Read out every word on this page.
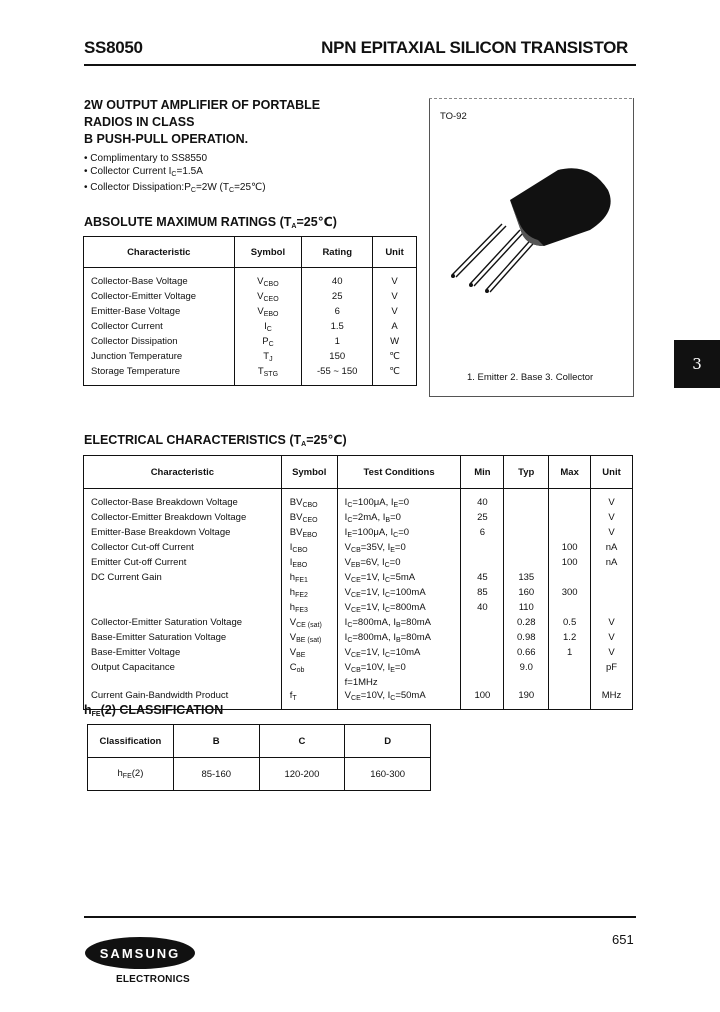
SS8050	NPN EPITAXIAL SILICON TRANSISTOR
2W OUTPUT AMPLIFIER OF PORTABLE
RADIOS IN CLASS
B PUSH-PULL OPERATION.
• Complimentary to SS8550
• Collector Current $I_C=1.5A$
• Collector $Dissipation:P_C=2W$ $(T_C=25℃)$
ABSOLUTE MAXIMUM RATINGS $(T_A=25℃)$
Characteristic	Symbol	Rating	Unit
Collector-Base Voltage	$V_{CBO}$	40	V
Collector-Emitter Voltage	$V_{CEO}$	25	V
Emitter-Base Voltage	$V_{EBO}$	6	V
Collector Current	$I_C$	1.5	A
Collector Dissipation	$P_C$	1	W
Junction Temperature	$T_J$	150	℃
Storage Temperature	$T_{STG}$	-55 ~ 150	℃
TO-92
1. Emitter 2. Base 3. Collector
3
ELECTRICAL CHARACTERISTICS $(T_A=25℃)$
Characteristic	Symbol	Test Conditions	Min	Typ	Max	Unit
Collector-Base Breakdown Voltage	$BV_{CBO}$	$I_C=100\mu A$, $I_E=0$	40			V
Collector-Emitter Breakdown Voltage	$BV_{CEO}$	$I_C=2mA$, $I_B=0$	25			V
Emitter-Base Breakdown Voltage	$BV_{EBO}$	$I_E=100\mu A$, $I_C=0$	6			V
Collector Cut-off Current	$I_{CBO}$	$V_{CB}=35V$, $I_E=0$			100	nA
Emitter Cut-off Current	$I_{EBO}$	$V_{EB}=6V$, $I_C=0$			100	nA
DC Current Gain	$h_{FE1}$	$V_{CE}=1V$, $I_C=5mA$	45	135		
	$h_{FE2}$	$V_{CE}=1V$, $I_C=100mA$	85	160	300	
	$h_{FE3}$	$V_{CE}=1V$, $I_C=800mA$	40	110		
Collector-Emitter Saturation Voltage	$V_{CE (sat)}$	$I_C=800mA$, $I_B=80mA$		0.28	0.5	V
Base-Emitter Saturation Voltage	$V_{BE (sat)}$	$I_C=800mA$, $I_B=80mA$		0.98	1.2	V
Base-Emitter Voltage	$V_{BE}$	$V_{CE}=1V$, $I_C=10mA$		0.66	1	V
Output Capacitance	$C_{ob}$	$V_{CB}=10V$, $I_E=0$		9.0		pF
		f=1MHz				
Current Gain-Bandwidth Product	$f_T$	$V_{CE}=10V$, $I_C=50mA$	100	190		MHz
$h_{FE}(2)$ CLASSIFICATION
Classification	B	C	D
$h_{FE}(2)$	85-160	120-200	160-300
651
SAMSUNG
ELECTRONICS
